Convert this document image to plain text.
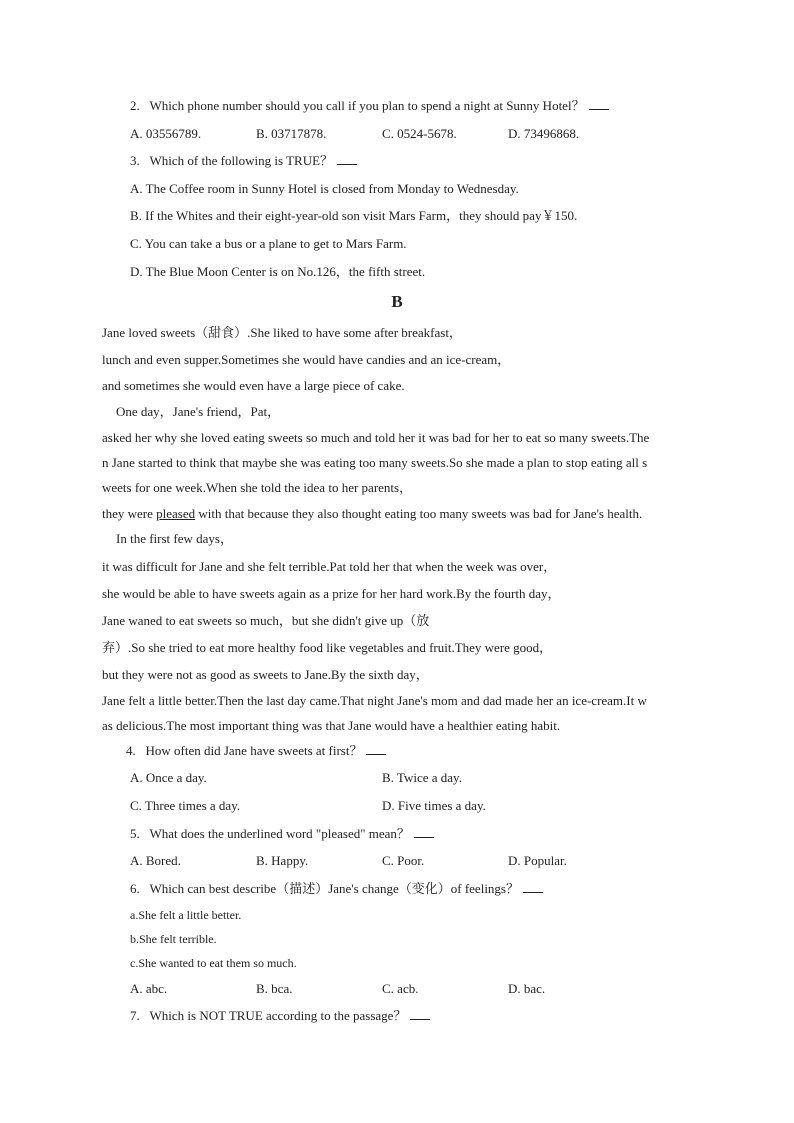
2. Which phone number should you call if you plan to spend a night at Sunny Hotel？
A. 03556789.	B. 03717878.	C. 0524-5678.	D. 73496868.
3. Which of the following is TRUE？
A. The Coffee room in Sunny Hotel is closed from Monday to Wednesday.
B. If the Whites and their eight-year-old son visit Mars Farm，they should pay￥150.
C. You can take a bus or a plane to get to Mars Farm.
D. The Blue Moon Center is on No.126，the fifth street.
B
Jane loved sweets（甜食）.She liked to have some after breakfast，
lunch and even supper.Sometimes she would have candies and an ice-cream，
and sometimes she would even have a large piece of cake.
One day，Jane's friend，Pat，
asked her why she loved eating sweets so much and told her it was bad for her to eat so many sweets.The
n Jane started to think that maybe she was eating too many sweets.So she made a plan to stop eating all s
weets for one week.When she told the idea to her parents，
they were pleased with that because they also thought eating too many sweets was bad for Jane's health.
In the first few days，
it was difficult for Jane and she felt terrible.Pat told her that when the week was over，
she would be able to have sweets again as a prize for her hard work.By the fourth day，
Jane waned to eat sweets so much，but she didn't give up（放
弃）.So she tried to eat more healthy food like vegetables and fruit.They were good，
but they were not as good as sweets to Jane.By the sixth day，
Jane felt a little better.Then the last day came.That night Jane's mom and dad made her an ice-cream.It w
as delicious.The most important thing was that Jane would have a healthier eating habit.
4. How often did Jane have sweets at first？
A. Once a day.	B. Twice a day.
C. Three times a day.	D. Five times a day.
5. What does the underlined word "pleased" mean？
A. Bored.	B. Happy.	C. Poor.	D. Popular.
6. Which can best describe（描述）Jane's change（变化）of feelings？
a.She felt a little better.
b.She felt terrible.
c.She wanted to eat them so much.
A. abc.	B. bca.	C. acb.	D. bac.
7. Which is NOT TRUE according to the passage？
